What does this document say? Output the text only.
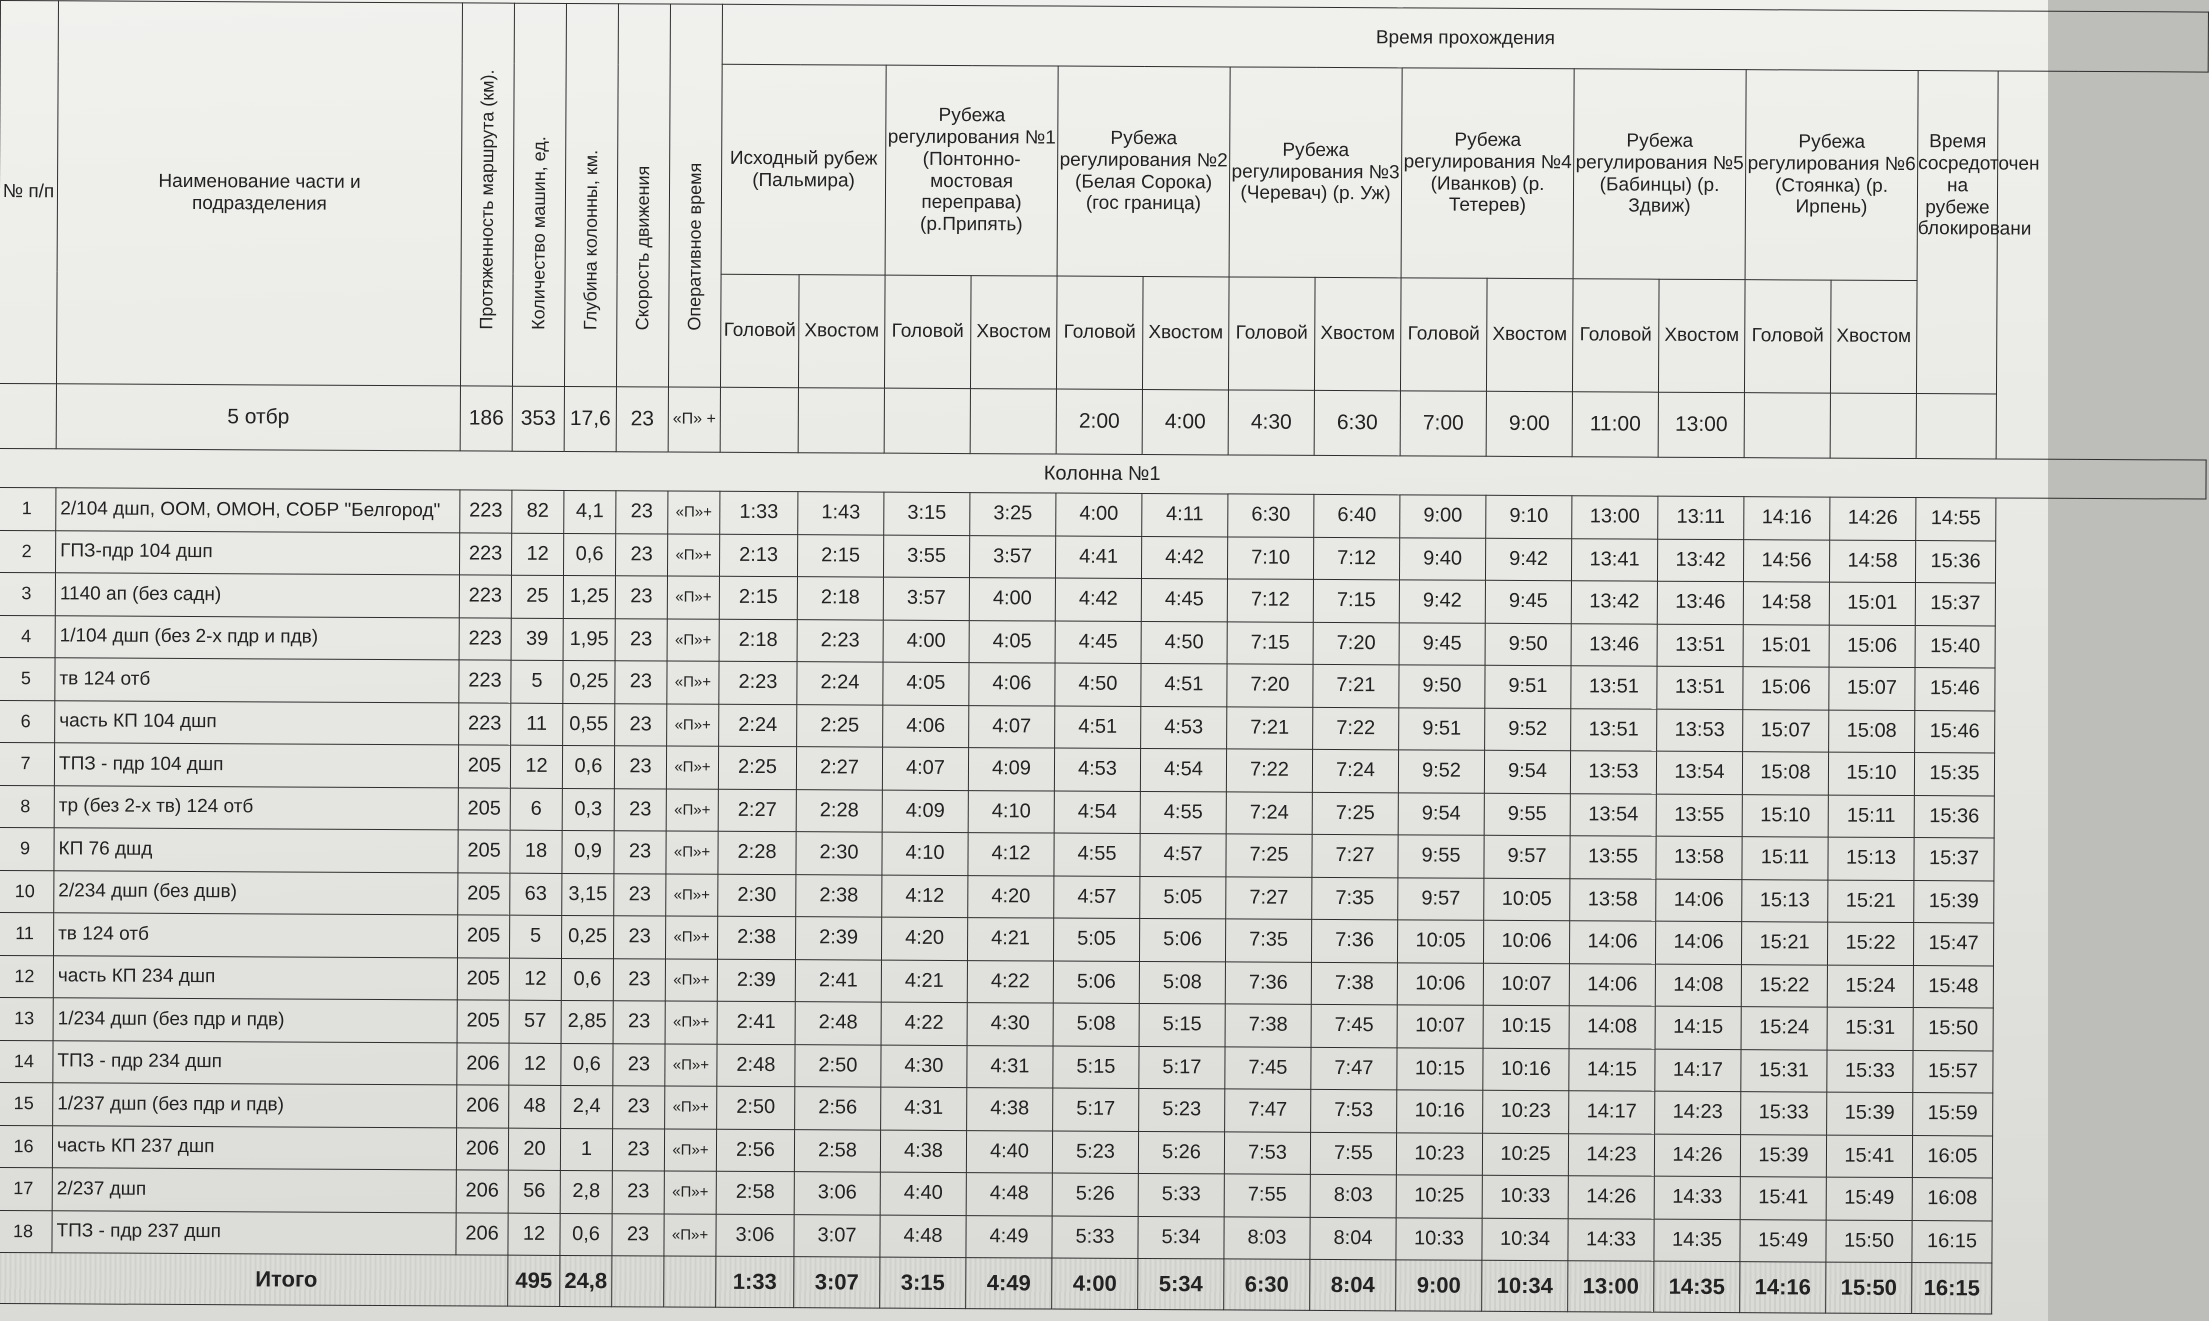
№ п/п	Наименование части и подразделения	Протяженность маршрута (км).	Количество машин, ед.	Глубина колонны, км.	Скорость движения	Оперативное время	Время прохождения														
							Исходный рубеж (Пальмира)		Рубежа регулирования №1 (Понтонно-мостовая переправа) (р.Припять)		Рубежа регулирования №2 (Белая Сорока) (гос граница)		Рубежа регулирования №3 (Черевач) (р. Уж)		Рубежа регулирования №4 (Иванков) (р. Тетерев)		Рубежа регулирования №5 (Бабинцы) (р. Здвиж)		Рубежа регулирования №6 (Стоянка) (р. Ирпень)		Время сосредоточен на рубеже блокировани
							Головой	Хвостом	Головой	Хвостом	Головой	Хвостом	Головой	Хвостом	Головой	Хвостом	Головой	Хвостом	Головой	Хвостом	
	5 отбр	186	353	17,6	23	«П» +					2:00	4:00	4:30	6:30	7:00	9:00	11:00	13:00			
Колонна №1																					
1	2/104 дшп, ООМ, ОМОН, СОБР "Белгород"	223	82	4,1	23	«П»+	1:33	1:43	3:15	3:25	4:00	4:11	6:30	6:40	9:00	9:10	13:00	13:11	14:16	14:26	14:55
2	ГПЗ-пдр 104 дшп	223	12	0,6	23	«П»+	2:13	2:15	3:55	3:57	4:41	4:42	7:10	7:12	9:40	9:42	13:41	13:42	14:56	14:58	15:36
3	1140 ап (без садн)	223	25	1,25	23	«П»+	2:15	2:18	3:57	4:00	4:42	4:45	7:12	7:15	9:42	9:45	13:42	13:46	14:58	15:01	15:37
4	1/104 дшп (без 2-х пдр и пдв)	223	39	1,95	23	«П»+	2:18	2:23	4:00	4:05	4:45	4:50	7:15	7:20	9:45	9:50	13:46	13:51	15:01	15:06	15:40
5	тв 124 отб	223	5	0,25	23	«П»+	2:23	2:24	4:05	4:06	4:50	4:51	7:20	7:21	9:50	9:51	13:51	13:51	15:06	15:07	15:46
6	часть КП 104 дшп	223	11	0,55	23	«П»+	2:24	2:25	4:06	4:07	4:51	4:53	7:21	7:22	9:51	9:52	13:51	13:53	15:07	15:08	15:46
7	ТПЗ - пдр 104 дшп	205	12	0,6	23	«П»+	2:25	2:27	4:07	4:09	4:53	4:54	7:22	7:24	9:52	9:54	13:53	13:54	15:08	15:10	15:35
8	тр (без 2-х тв) 124 отб	205	6	0,3	23	«П»+	2:27	2:28	4:09	4:10	4:54	4:55	7:24	7:25	9:54	9:55	13:54	13:55	15:10	15:11	15:36
9	КП 76 дшд	205	18	0,9	23	«П»+	2:28	2:30	4:10	4:12	4:55	4:57	7:25	7:27	9:55	9:57	13:55	13:58	15:11	15:13	15:37
10	2/234 дшп (без дшв)	205	63	3,15	23	«П»+	2:30	2:38	4:12	4:20	4:57	5:05	7:27	7:35	9:57	10:05	13:58	14:06	15:13	15:21	15:39
11	тв 124 отб	205	5	0,25	23	«П»+	2:38	2:39	4:20	4:21	5:05	5:06	7:35	7:36	10:05	10:06	14:06	14:06	15:21	15:22	15:47
12	часть КП 234 дшп	205	12	0,6	23	«П»+	2:39	2:41	4:21	4:22	5:06	5:08	7:36	7:38	10:06	10:07	14:06	14:08	15:22	15:24	15:48
13	1/234 дшп (без пдр и пдв)	205	57	2,85	23	«П»+	2:41	2:48	4:22	4:30	5:08	5:15	7:38	7:45	10:07	10:15	14:08	14:15	15:24	15:31	15:50
14	ТПЗ - пдр 234 дшп	206	12	0,6	23	«П»+	2:48	2:50	4:30	4:31	5:15	5:17	7:45	7:47	10:15	10:16	14:15	14:17	15:31	15:33	15:57
15	1/237 дшп (без пдр и пдв)	206	48	2,4	23	«П»+	2:50	2:56	4:31	4:38	5:17	5:23	7:47	7:53	10:16	10:23	14:17	14:23	15:33	15:39	15:59
16	часть КП 237 дшп	206	20	1	23	«П»+	2:56	2:58	4:38	4:40	5:23	5:26	7:53	7:55	10:23	10:25	14:23	14:26	15:39	15:41	16:05
17	2/237 дшп	206	56	2,8	23	«П»+	2:58	3:06	4:40	4:48	5:26	5:33	7:55	8:03	10:25	10:33	14:26	14:33	15:41	15:49	16:08
18	ТПЗ - пдр 237 дшп	206	12	0,6	23	«П»+	3:06	3:07	4:48	4:49	5:33	5:34	8:03	8:04	10:33	10:34	14:33	14:35	15:49	15:50	16:15
Итого			495	24,8			1:33	3:07	3:15	4:49	4:00	5:34	6:30	8:04	9:00	10:34	13:00	14:35	14:16	15:50	16:15
